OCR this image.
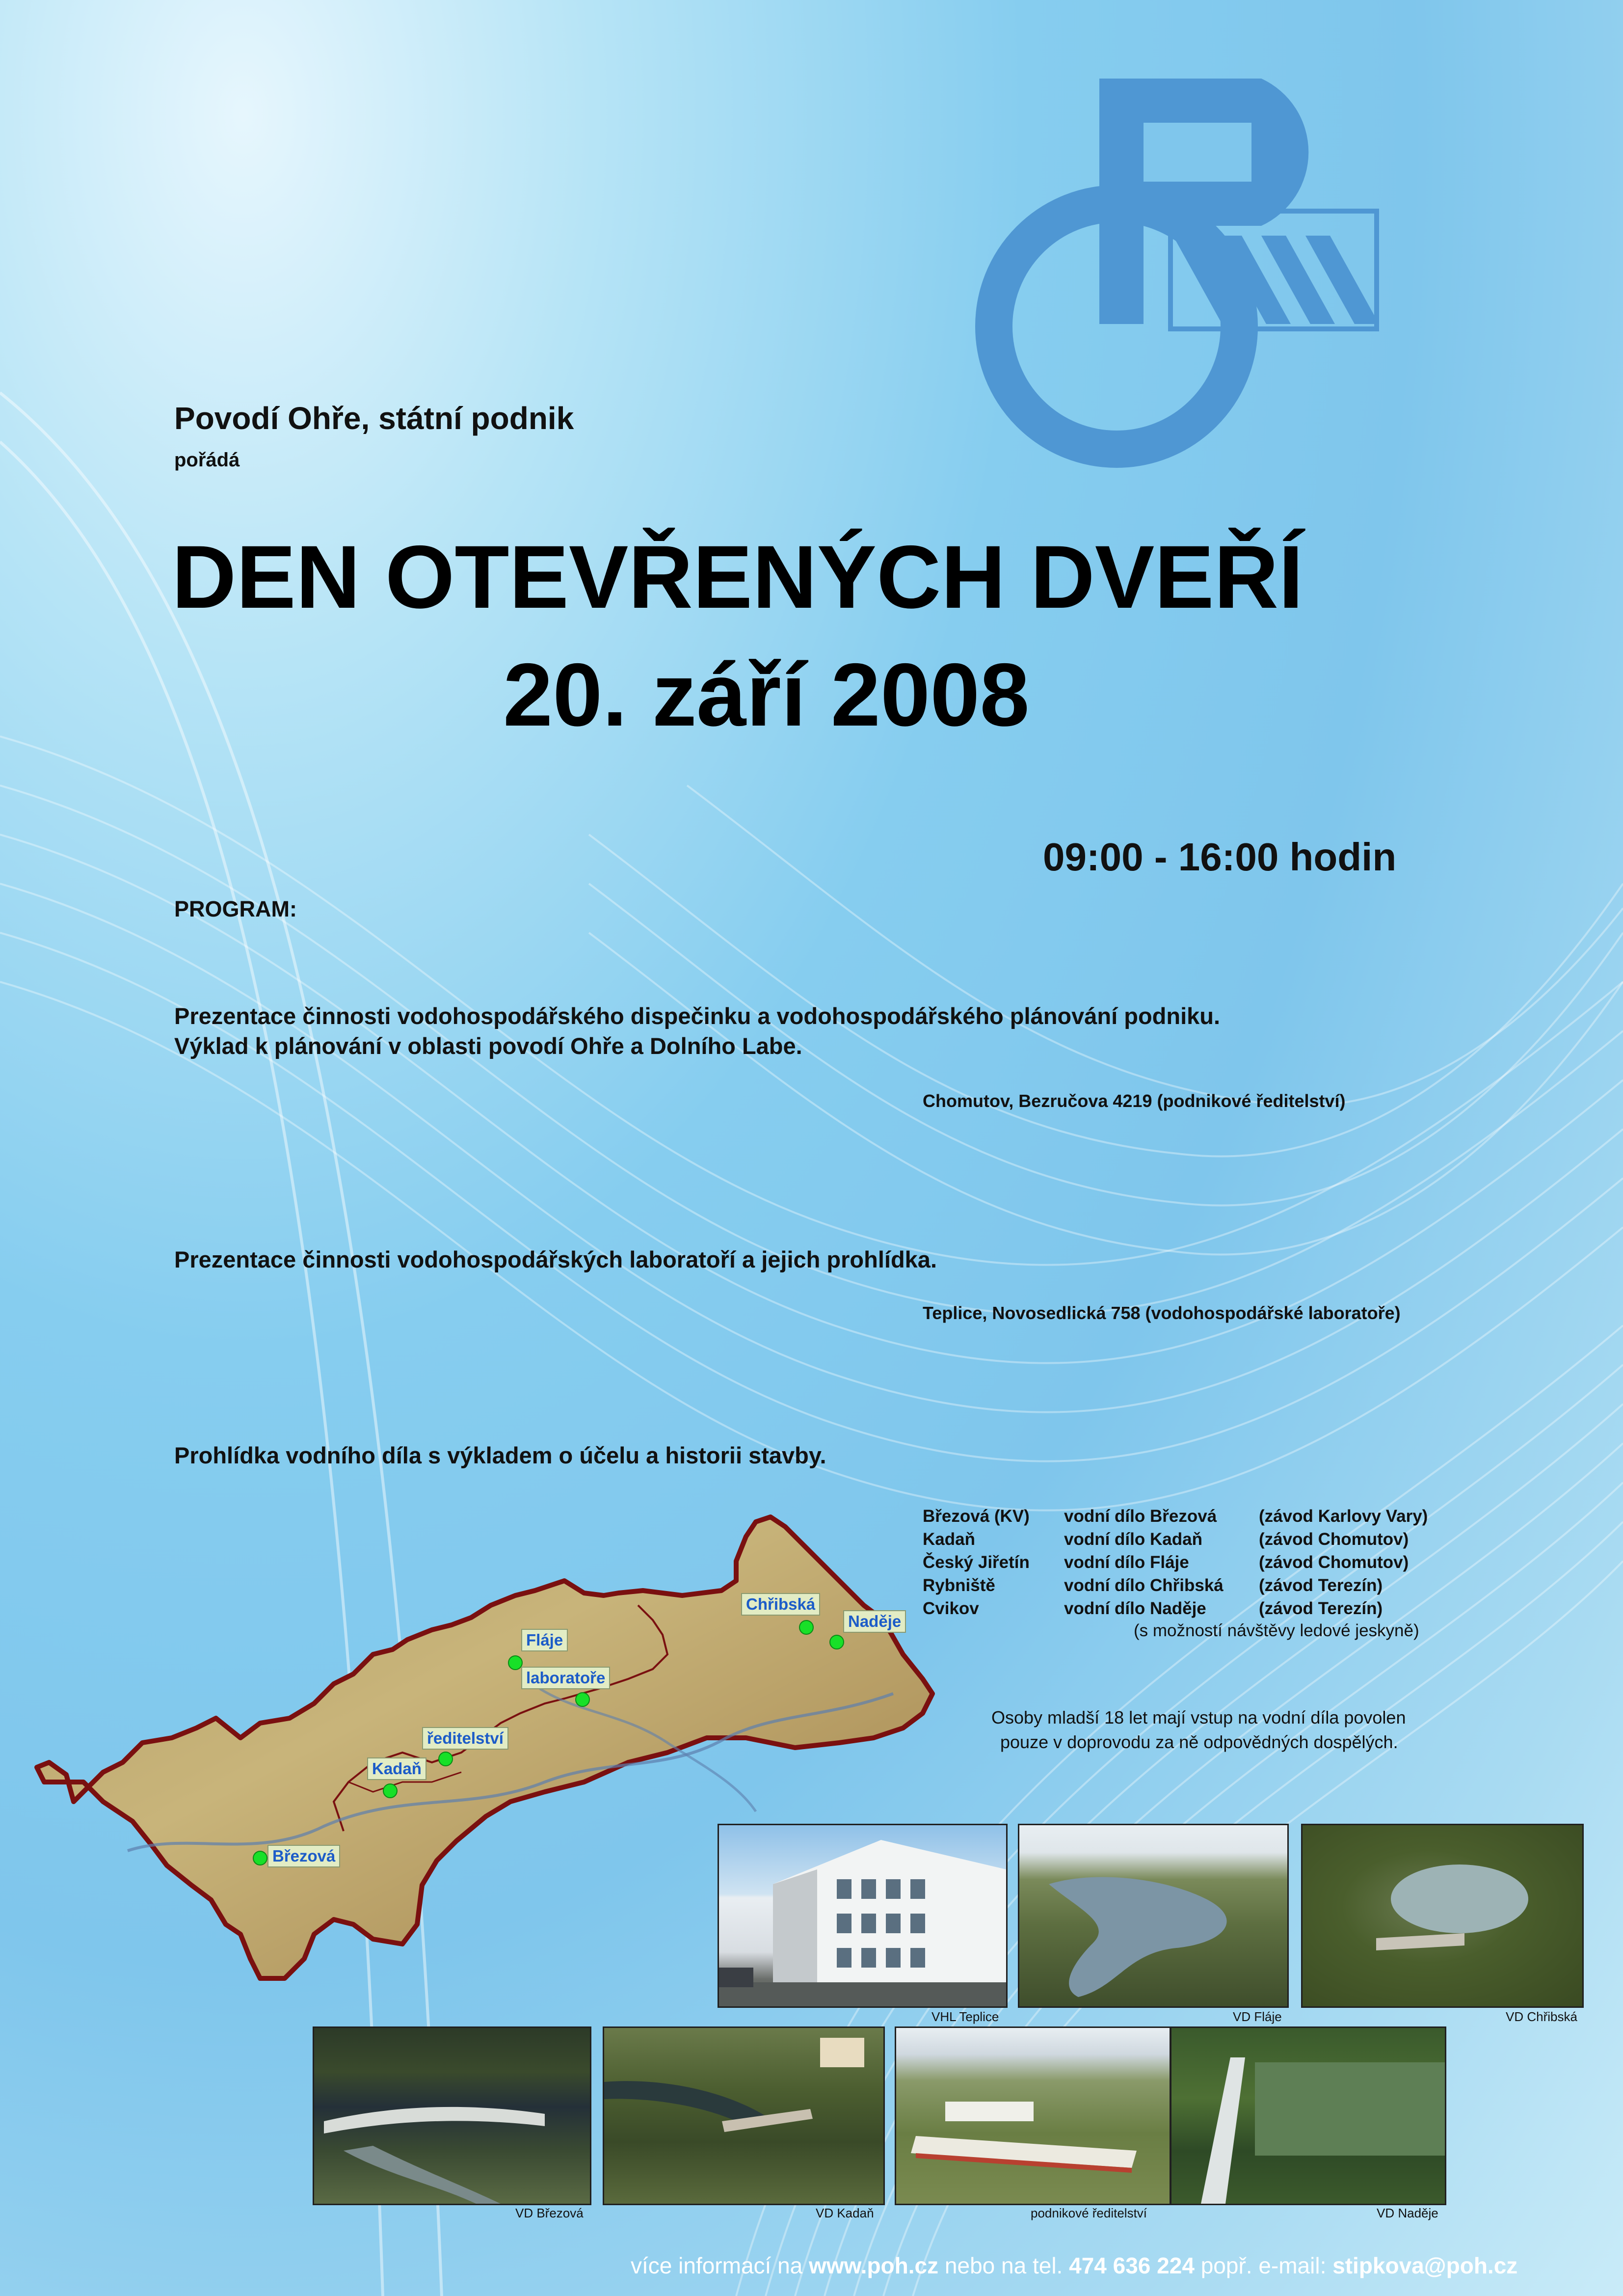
Povodí Ohře, státní podnik
pořádá
DEN OTEVŘENÝCH DVEŘÍ
20. září 2008
09:00 - 16:00 hodin
PROGRAM:
Prezentace činnosti vodohospodářského dispečinku a vodohospodářského plánování podniku.
Výklad k plánování v oblasti povodí Ohře a Dolního Labe.
Chomutov, Bezručova 4219 (podnikové ředitelství)
Prezentace činnosti vodohospodářských laboratoří a jejich prohlídka.
Teplice, Novosedlická 758 (vodohospodářské laboratoře)
Prohlídka vodního díla s výkladem o účelu a historii stavby.
Březová (KV) vodní dílo Březová (závod Karlovy Vary)
Kadaň	vodní dílo Kadaň	(závod Chomutov)
Český Jiřetín vodní dílo Fláje	(závod Chomutov)
Rybniště	vodní dílo Chřibská (závod Terezín)
Cvikov	vodní dílo Naděje	(závod Terezín)
(s možností návštěvy ledové jeskyně)
Osoby mladší 18 let mají vstup na vodní díla povolen
pouze v doprovodu za ně odpovědných dospělých.
Chřibská
Naděje
Fláje
laboratoře
ředitelství
Kadaň
Březová
VHL Teplice	VD Fláje	VD Chřibská
VD Březová	VD Kadaň	podnikové ředitelství	VD Naděje
více informací na www.poh.cz nebo na tel. 474 636 224 popř. e-mail: stipkova@poh.cz
